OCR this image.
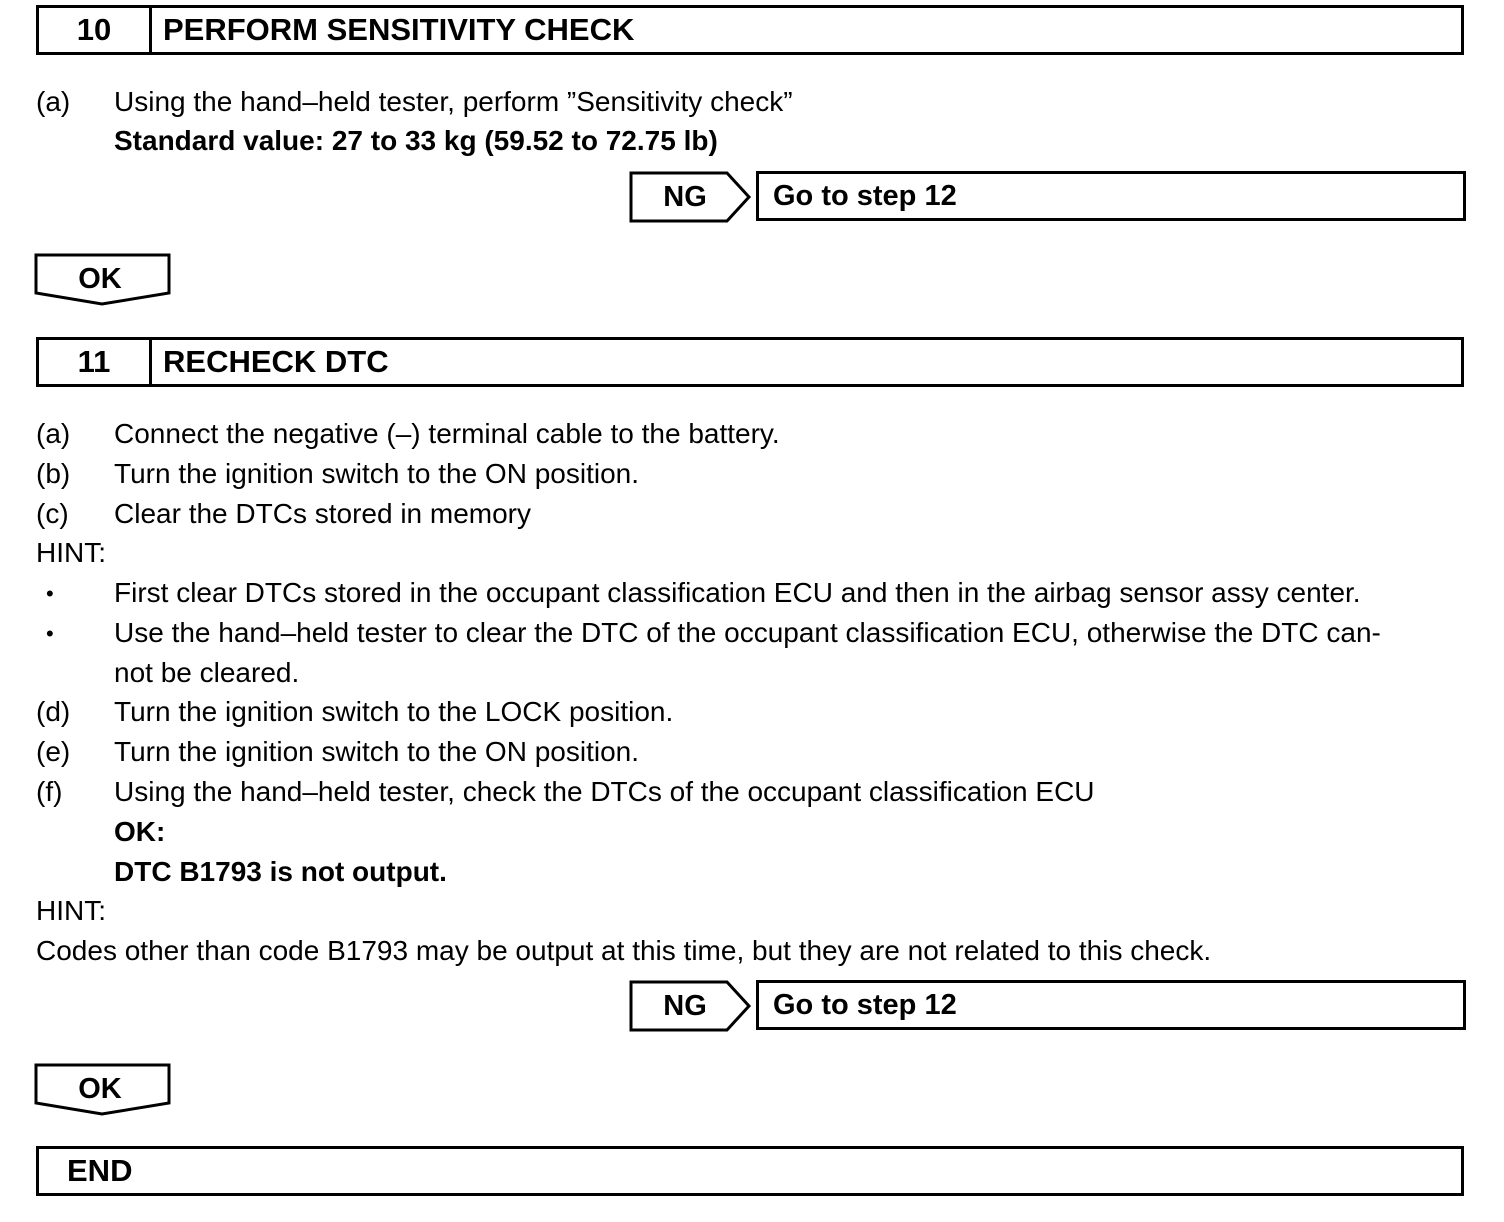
10	PERFORM SENSITIVITY CHECK
(a) Using the hand–held tester, perform ”Sensitivity check”
Standard value: 27 to 33 kg (59.52 to 72.75 lb)
NG Go to step 12
OK
11	RECHECK DTC
(a) Connect the negative (–) terminal cable to the battery.
(b) Turn the ignition switch to the ON position.
(c) Clear the DTCs stored in memory
HINT:
• First clear DTCs stored in the occupant classification ECU and then in the airbag sensor assy center.
• Use the hand–held tester to clear the DTC of the occupant classification ECU, otherwise the DTC can-
not be cleared.
(d) Turn the ignition switch to the LOCK position.
(e) Turn the ignition switch to the ON position.
(f) Using the hand–held tester, check the DTCs of the occupant classification ECU
OK:
DTC B1793 is not output.
HINT:
Codes other than code B1793 may be output at this time, but they are not related to this check.
NG Go to step 12
OK
END
